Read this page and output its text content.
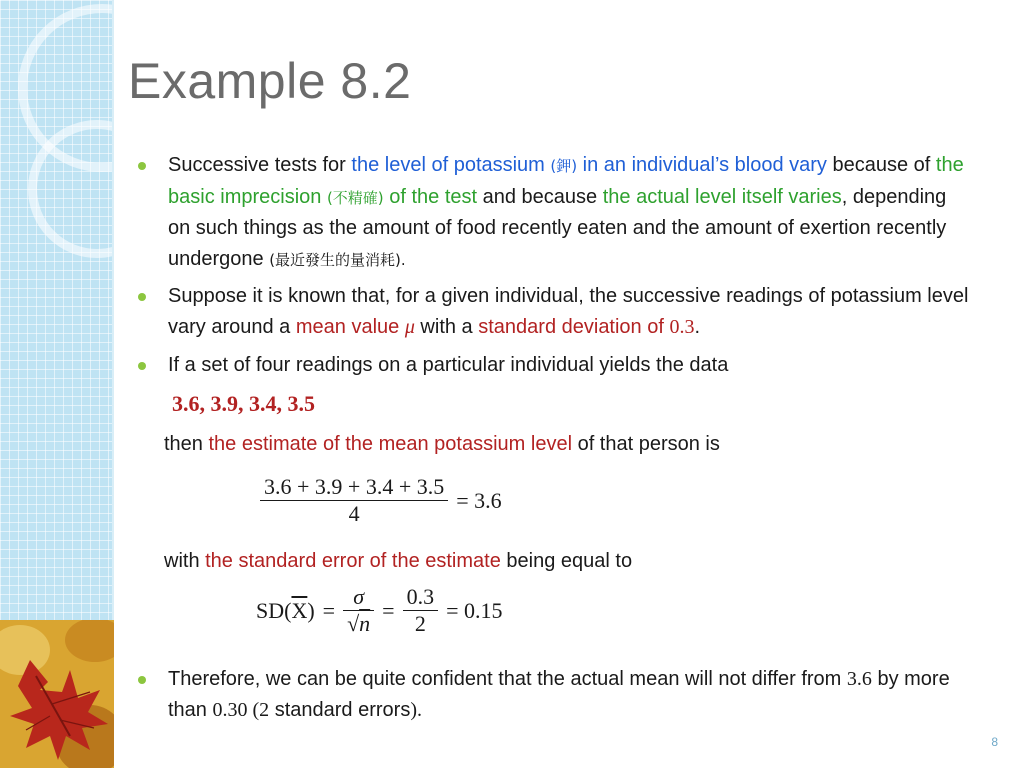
Example 8.2

Successive tests for the level of potassium (鉀) in an individual’s blood vary because of the basic imprecision (不精確) of the test and because the actual level itself varies, depending on such things as the amount of food recently eaten and the amount of exertion recently undergone (最近發生的量消耗).

Suppose it is known that, for a given individual, the successive readings of potassium level vary around a mean value μ with a standard deviation of 0.3.

If a set of four readings on a particular individual yields the data

3.6, 3.9, 3.4, 3.5
then the estimate of the mean potassium level of that person is
$\frac{3.6 + 3.9 + 3.4 + 3.5}{4} = 3.6$
with the standard error of the estimate being equal to
$SD(\overline{X}) = \frac{\sigma}{√n} = \frac{0.3}{2} = 0.15$

Therefore, we can be quite confident that the actual mean will not differ from 3.6 by more than 0.30 (2 standard errors).

8
